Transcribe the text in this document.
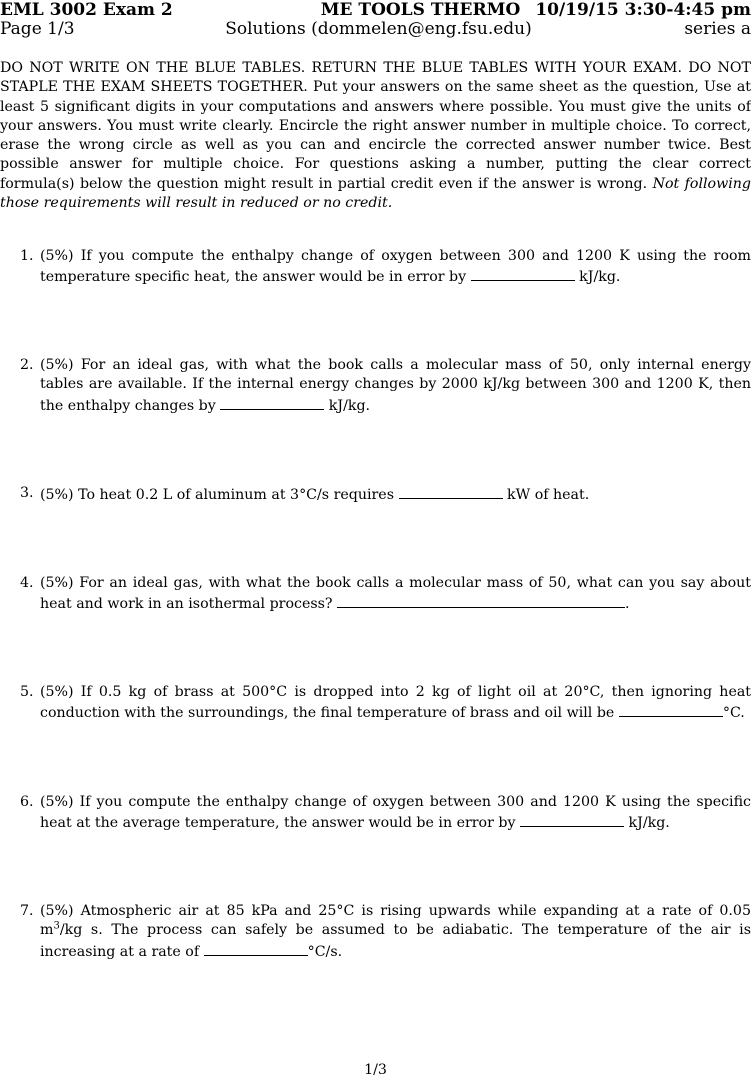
EML 3002 Exam 2	ME TOOLS THERMO 10/19/15 3:30-4:45 pm
Page 1/3	Solutions (dommelen@eng.fsu.edu)	series a
DO NOT WRITE ON THE BLUE TABLES. RETURN THE BLUE TABLES WITH YOUR EXAM. DO NOT STAPLE THE EXAM SHEETS TOGETHER. Put your answers on the same sheet as the question, Use at least 5 significant digits in your computations and answers where possible. You must give the units of your answers. You must write clearly. Encircle the right answer number in multiple choice. To correct, erase the wrong circle as well as you can and encircle the corrected answer number twice. Best possible answer for multiple choice. For questions asking a number, putting the clear correct formula(s) below the question might result in partial credit even if the answer is wrong. Not following those requirements will result in reduced or no credit.
1. (5%) If you compute the enthalpy change of oxygen between 300 and 1200 K using the room temperature specific heat, the answer would be in error by	kJ/kg.
2. (5%) For an ideal gas, with what the book calls a molecular mass of 50, only internal energy tables are available. If the internal energy changes by 2000 kJ/kg between 300 and 1200 K, then the enthalpy changes by	kJ/kg.
3. (5%) To heat 0.2 L of aluminum at 3°C/s requires	kW of heat.
4. (5%) For an ideal gas, with what the book calls a molecular mass of 50, what can you say about heat and work in an isothermal process?	.
5. (5%) If 0.5 kg of brass at 500°C is dropped into 2 kg of light oil at 20°C, then ignoring heat conduction with the surroundings, the final temperature of brass and oil will be	°C.
6. (5%) If you compute the enthalpy change of oxygen between 300 and 1200 K using the specific heat at the average temperature, the answer would be in error by	kJ/kg.
7. (5%) Atmospheric air at 85 kPa and 25°C is rising upwards while expanding at a rate of 0.05 $m^3/kg$ s. The process can safely be assumed to be adiabatic. The temperature of the air is increasing at a rate of	°C/s.
1/3
